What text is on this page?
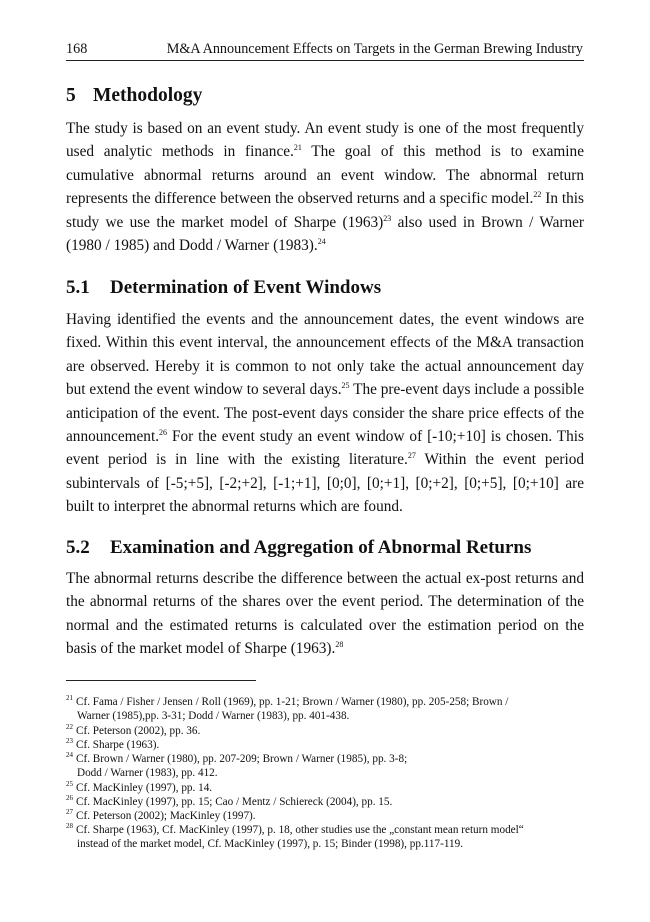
168	M&A Announcement Effects on Targets in the German Brewing Industry
5 Methodology

The study is based on an event study. An event study is one of the most frequently used analytic methods in finance.$^{21}$ The goal of this method is to examine cumulative abnormal returns around an event window. The abnormal return represents the difference between the observed returns and a specific model.$^{22}$ In this study we use the market model of Sharpe $(1963)^{23}$ also used in Brown / Warner (1980 / 1985) and Dodd / Warner (1983).$^{24}$

5.1 Determination of Event Windows

Having identified the events and the announcement dates, the event windows are fixed. Within this event interval, the announcement effects of the M&A transaction are observed. Hereby it is common to not only take the actual announcement day but extend the event window to several days.$^{25}$ The pre-event days include a possible anticipation of the event. The post-event days consider the share price effects of the announcement.$^{26}$ For the event study an event window of [-10;+10] is chosen. This event period is in line with the existing literature.$^{27}$ Within the event period subintervals of [-5;+5], [-2;+2], [-1;+1], [0;0], [0;+1], [0;+2], [0;+5], [0;+10] are built to interpret the abnormal returns which are found.

5.2 Examination and Aggregation of Abnormal Returns

The abnormal returns describe the difference between the actual ex-post returns and the abnormal returns of the shares over the event period. The determination of the normal and the estimated returns is calculated over the estimation period on the basis of the market model of Sharpe (1963).$^{28}$

$^{21}$ Cf. Fama / Fisher / Jensen / Roll (1969), pp. 1-21; Brown / Warner (1980), pp. 205-258; Brown /
Warner (1985),pp. 3-31; Dodd / Warner (1983), pp. 401-438.
$^{22}$ Cf. Peterson (2002), pp. 36.
$^{23}$ Cf. Sharpe (1963).
$^{24}$ Cf. Brown / Warner (1980), pp. 207-209; Brown / Warner (1985), pp. 3-8;
Dodd / Warner (1983), pp. 412.
$^{25}$ Cf. MacKinley (1997), pp. 14.
$^{26}$ Cf. MacKinley (1997), pp. 15; Cao / Mentz / Schiereck (2004), pp. 15.
$^{27}$ Cf. Peterson (2002); MacKinley (1997).
$^{28}$ Cf. Sharpe (1963), Cf. MacKinley (1997), p. 18, other studies use the „constant mean return model“
instead of the market model, Cf. MacKinley (1997), p. 15; Binder (1998), pp.117-119.
